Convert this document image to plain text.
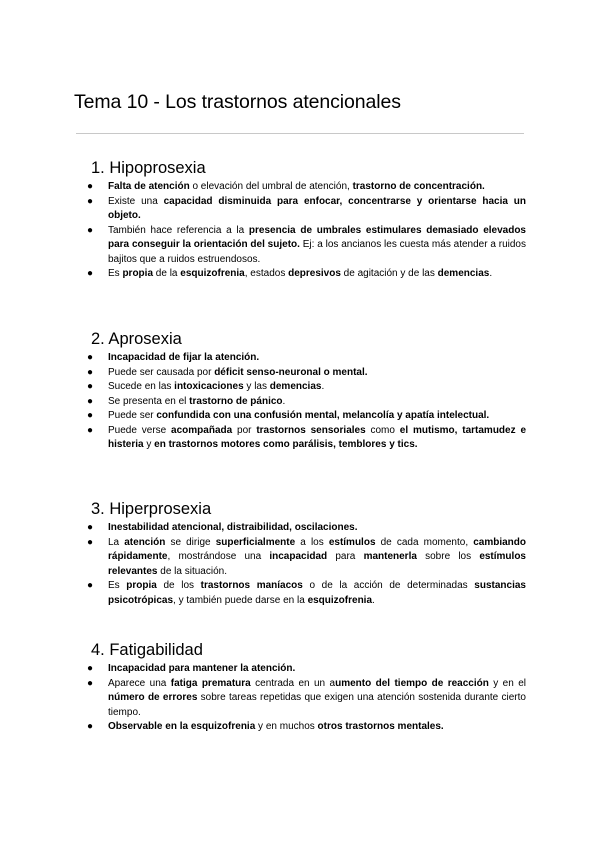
Tema 10 - Los trastornos atencionales
1. Hipoprosexia
● Falta de atención o elevación del umbral de atención, trastorno de concentración.
● Existe una capacidad disminuida para enfocar, concentrarse y orientarse hacia un objeto.
● También hace referencia a la presencia de umbrales estimulares demasiado elevados para conseguir la orientación del sujeto. Ej: a los ancianos les cuesta más atender a ruidos bajitos que a ruidos estruendosos.
● Es propia de la esquizofrenia, estados depresivos de agitación y de las demencias.
2. Aprosexia
● Incapacidad de fijar la atención.
● Puede ser causada por déficit senso-neuronal o mental.
● Sucede en las intoxicaciones y las demencias.
● Se presenta en el trastorno de pánico.
● Puede ser confundida con una confusión mental, melancolía y apatía intelectual.
● Puede verse acompañada por trastornos sensoriales como el mutismo, tartamudez e histeria y en trastornos motores como parálisis, temblores y tics.
3. Hiperprosexia
● Inestabilidad atencional, distraibilidad, oscilaciones.
● La atención se dirige superficialmente a los estímulos de cada momento, cambiando rápidamente, mostrándose una incapacidad para mantenerla sobre los estímulos relevantes de la situación.
● Es propia de los trastornos maníacos o de la acción de determinadas sustancias psicotrópicas, y también puede darse en la esquizofrenia.
4. Fatigabilidad
● Incapacidad para mantener la atención.
● Aparece una fatiga prematura centrada en un aumento del tiempo de reacción y en el número de errores sobre tareas repetidas que exigen una atención sostenida durante cierto tiempo.
● Observable en la esquizofrenia y en muchos otros trastornos mentales.
